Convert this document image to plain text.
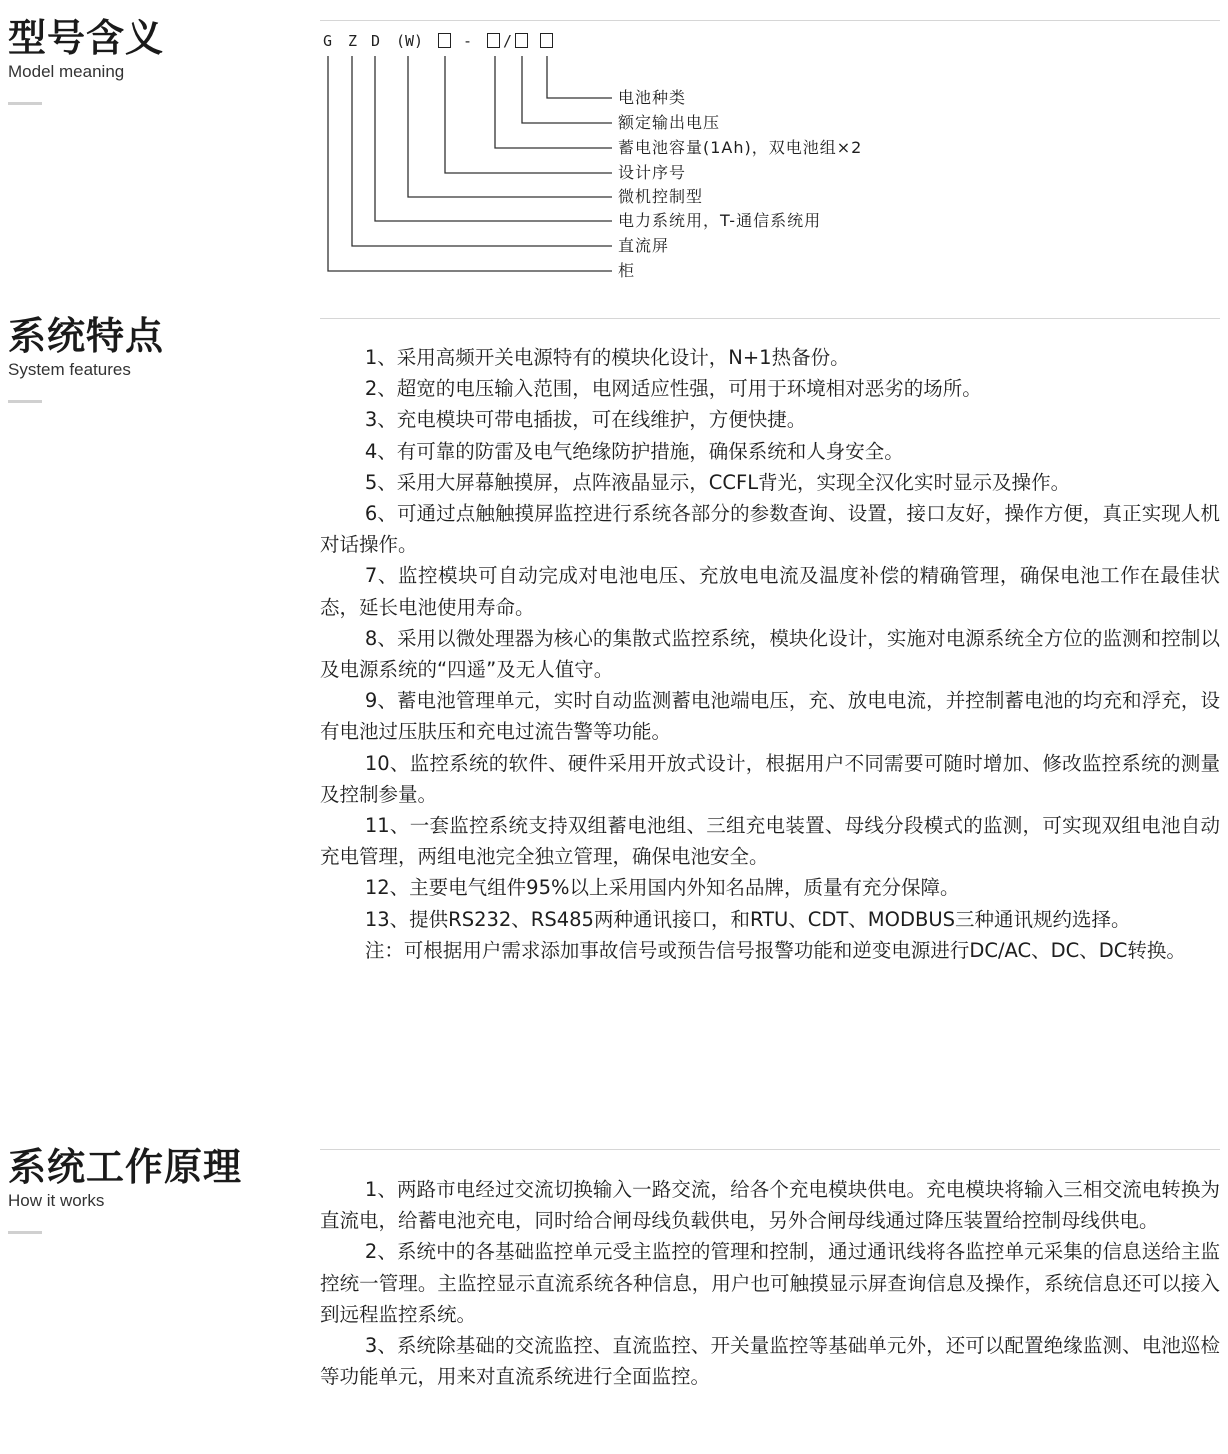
型号含义
Model meaning
G Z D (W)	- /
电池种类
额定输出电压
蓄电池容量(1Ah)，双电池组×2
设计序号
微机控制型
电力系统用，T-通信系统用
直流屏
柜
系统特点
System features

1、采用高频开关电源特有的模块化设计，N+1热备份。

2、超宽的电压输入范围，电网适应性强，可用于环境相对恶劣的场所。

3、充电模块可带电插拔，可在线维护，方便快捷。

4、有可靠的防雷及电气绝缘防护措施，确保系统和人身安全。

5、采用大屏幕触摸屏，点阵液晶显示，CCFL背光，实现全汉化实时显示及操作。

6、可通过点触触摸屏监控进行系统各部分的参数查询、设置，接口友好，操作方便，真正实现人机对话操作。

7、监控模块可自动完成对电池电压、充放电电流及温度补偿的精确管理，确保电池工作在最佳状态，延长电池使用寿命。

8、采用以微处理器为核心的集散式监控系统，模块化设计，实施对电源系统全方位的监测和控制以及电源系统的“四遥”及无人值守。

9、蓄电池管理单元，实时自动监测蓄电池端电压，充、放电电流，并控制蓄电池的均充和浮充，设有电池过压肤压和充电过流告警等功能。

10、监控系统的软件、硬件采用开放式设计，根据用户不同需要可随时增加、修改监控系统的测量及控制参量。

11、一套监控系统支持双组蓄电池组、三组充电装置、母线分段模式的监测，可实现双组电池自动充电管理，两组电池完全独立管理，确保电池安全。

12、主要电气组件95%以上采用国内外知名品牌，质量有充分保障。

13、提供RS232、RS485两种通讯接口，和RTU、CDT、MODBUS三种通讯规约选择。

注：可根据用户需求添加事故信号或预告信号报警功能和逆变电源进行DC/AC、DC、DC转换。

系统工作原理
How it works	1、两路市电经过交流切换输入一路交流，给各个充电模块供电。充电模块将输入三相交流电转换为直流电，给蓄电池充电，同时给合闸母线负载供电，另外合闸母线通过降压装置给控制母线供电。

2、系统中的各基础监控单元受主监控的管理和控制，通过通讯线将各监控单元采集的信息送给主监控统一管理。主监控显示直流系统各种信息，用户也可触摸显示屏查询信息及操作，系统信息还可以接入到远程监控系统。

3、系统除基础的交流监控、直流监控、开关量监控等基础单元外，还可以配置绝缘监测、电池巡检等功能单元，用来对直流系统进行全面监控。
